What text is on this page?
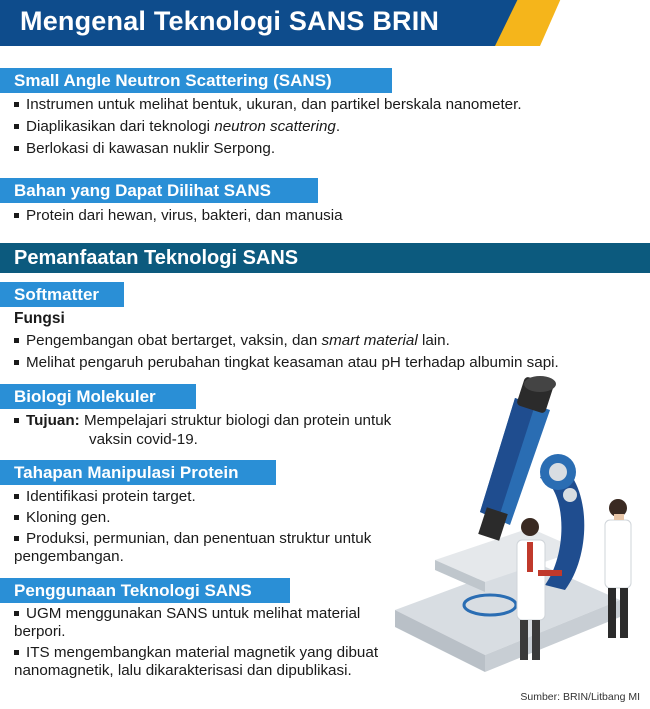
Mengenal Teknologi SANS BRIN
Small Angle Neutron Scattering (SANS)
Instrumen untuk melihat bentuk, ukuran, dan partikel berskala nanometer.
Diaplikasikan dari teknologi neutron scattering.
Berlokasi di kawasan nuklir Serpong.
Bahan yang Dapat Dilihat SANS
Protein dari hewan, virus, bakteri, dan manusia
Pemanfaatan Teknologi SANS
Softmatter
Fungsi
Pengembangan obat bertarget, vaksin, dan smart material lain.
Melihat pengaruh perubahan tingkat keasaman atau pH terhadap albumin sapi.
Biologi Molekuler
Tujuan: Mempelajari struktur biologi dan protein untuk
vaksin covid-19.
Tahapan Manipulasi Protein
Identifikasi protein target.
Kloning gen.
Produksi, permunian, dan penentuan struktur untuk
pengembangan.
Penggunaan Teknologi SANS
UGM menggunakan SANS untuk melihat material
berpori.
ITS mengembangkan material magnetik yang dibuat
nanomagnetik, lalu dikarakterisasi dan dipublikasi.
Sumber: BRIN/Litbang MI
